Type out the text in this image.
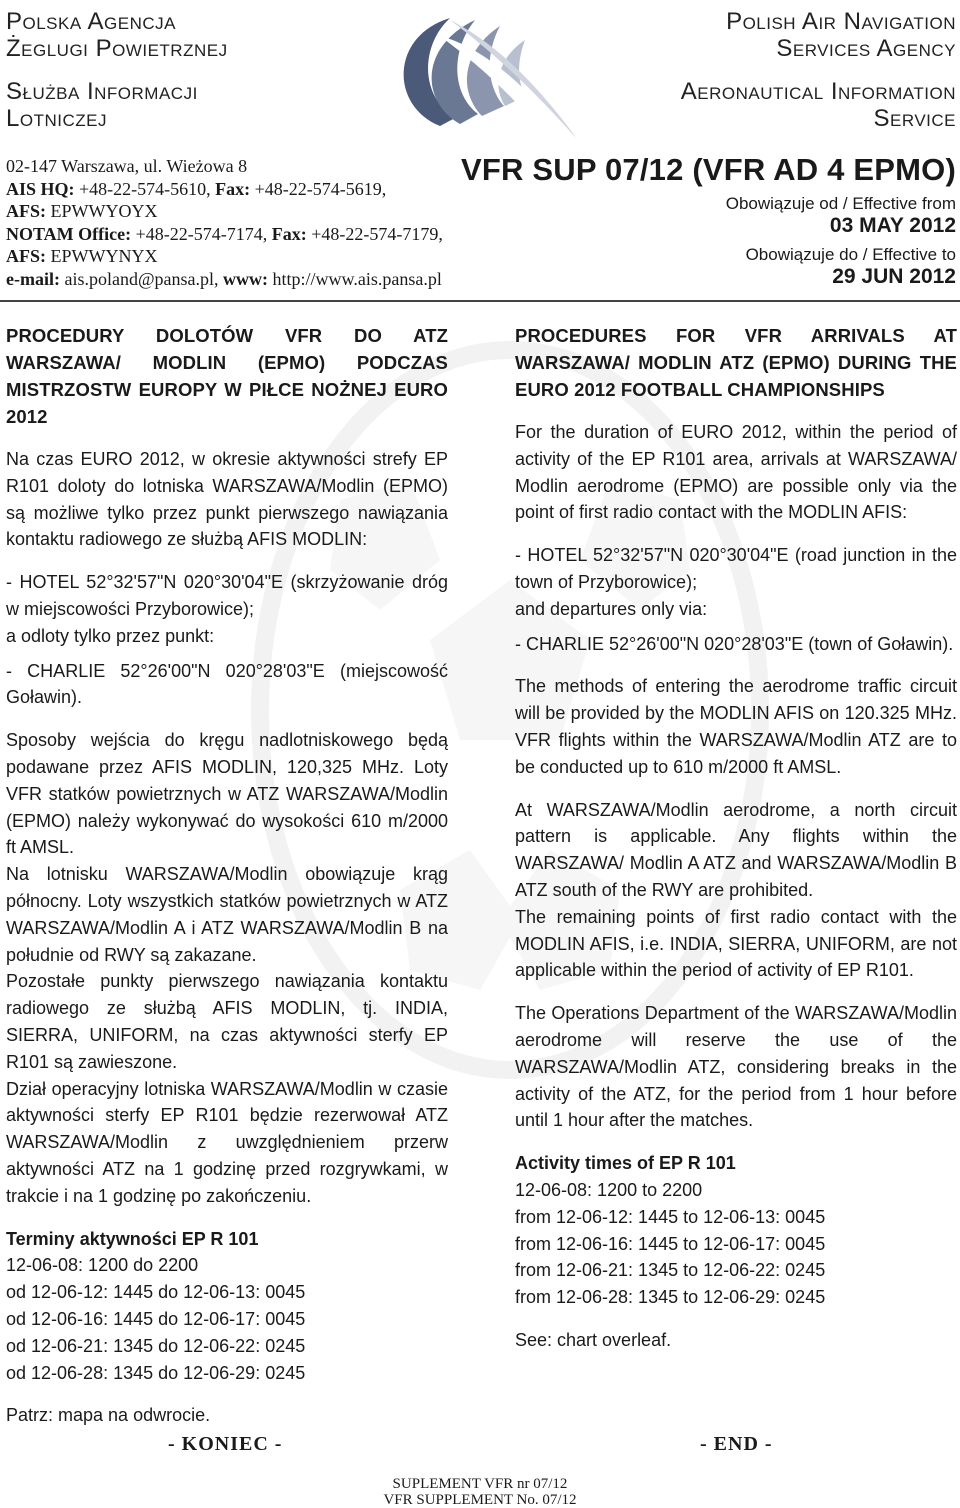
Polska Agencja
Żeglugi Powietrznej
Służba Informacji
Lotniczej
Polish Air Navigation
Services Agency
Aeronautical Information
Service
02-147 Warszawa, ul. Wieżowa 8
AIS HQ: +48-22-574-5610, Fax: +48-22-574-5619,
AFS: EPWWYOYX
NOTAM Office: +48-22-574-7174, Fax: +48-22-574-7179,
AFS: EPWWYNYX
e-mail: ais.poland@pansa.pl, www: http://www.ais.pansa.pl
VFR SUP 07/12 (VFR AD 4 EPMO)
Obowiązuje od / Effective from
03 MAY 2012
Obowiązuje do / Effective to
29 JUN 2012

PROCEDURY DOLOTÓW VFR DO ATZ WARSZAWA/ MODLIN (EPMO) PODCZAS MISTRZOSTW EUROPY W PIŁCE NOŻNEJ EURO 2012

Na czas EURO 2012, w okresie aktywności strefy EP R101 doloty do lotniska WARSZAWA/Modlin (EPMO) są możliwe tylko przez punkt pierwszego nawiązania kontaktu radiowego ze służbą AFIS MODLIN:

- HOTEL 52°32'57"N 020°30'04"E (skrzyżowanie dróg w miejscowości Przyborowice);

a odloty tylko przez punkt:

- CHARLIE 52°26'00"N 020°28'03"E (miejscowość Goławin).

Sposoby wejścia do kręgu nadlotniskowego będą podawane przez AFIS MODLIN, 120,325 MHz. Loty VFR statków powietrznych w ATZ WARSZAWA/Modlin (EPMO) należy wykonywać do wysokości 610 m/2000 ft AMSL.

Na lotnisku WARSZAWA/Modlin obowiązuje krąg północny. Loty wszystkich statków powietrznych w ATZ WARSZAWA/Modlin A i ATZ WARSZAWA/Modlin B na południe od RWY są zakazane.

Pozostałe punkty pierwszego nawiązania kontaktu radiowego ze służbą AFIS MODLIN, tj. INDIA, SIERRA, UNIFORM, na czas aktywności sterfy EP R101 są zawieszone.

Dział operacyjny lotniska WARSZAWA/Modlin w czasie aktywności sterfy EP R101 będzie rezerwował ATZ WARSZAWA/Modlin z uwzględnieniem przerw aktywności ATZ na 1 godzinę przed rozgrywkami, w trakcie i na 1 godzinę po zakończeniu.

Terminy aktywności EP R 101

12-06-08: 1200 do 2200

od 12-06-12: 1445 do 12-06-13: 0045

od 12-06-16: 1445 do 12-06-17: 0045

od 12-06-21: 1345 do 12-06-22: 0245

od 12-06-28: 1345 do 12-06-29: 0245

Patrz: mapa na odwrocie.

PROCEDURES FOR VFR ARRIVALS AT WARSZAWA/ MODLIN ATZ (EPMO) DURING THE EURO 2012 FOOTBALL CHAMPIONSHIPS

For the duration of EURO 2012, within the period of activity of the EP R101 area, arrivals at WARSZAWA/ Modlin aerodrome (EPMO) are possible only via the point of first radio contact with the MODLIN AFIS:

- HOTEL 52°32'57"N 020°30'04"E (road junction in the town of Przyborowice);

and departures only via:

- CHARLIE 52°26'00"N 020°28'03"E (town of Goławin).

The methods of entering the aerodrome traffic circuit will be provided by the MODLIN AFIS on 120.325 MHz. VFR flights within the WARSZAWA/Modlin ATZ are to be conducted up to 610 m/2000 ft AMSL.

At WARSZAWA/Modlin aerodrome, a north circuit pattern is applicable. Any flights within the WARSZAWA/ Modlin A ATZ and WARSZAWA/Modlin B ATZ south of the RWY are prohibited.

The remaining points of first radio contact with the MODLIN AFIS, i.e. INDIA, SIERRA, UNIFORM, are not applicable within the period of activity of EP R101.

The Operations Department of the WARSZAWA/Modlin aerodrome will reserve the use of the WARSZAWA/Modlin ATZ, considering breaks in the activity of the ATZ, for the period from 1 hour before until 1 hour after the matches.

Activity times of EP R 101

12-06-08: 1200 to 2200

from 12-06-12: 1445 to 12-06-13: 0045

from 12-06-16: 1445 to 12-06-17: 0045

from 12-06-21: 1345 to 12-06-22: 0245

from 12-06-28: 1345 to 12-06-29: 0245

See: chart overleaf.

- KONIEC -	- END -
SUPLEMENT VFR nr 07/12
VFR SUPPLEMENT No. 07/12
